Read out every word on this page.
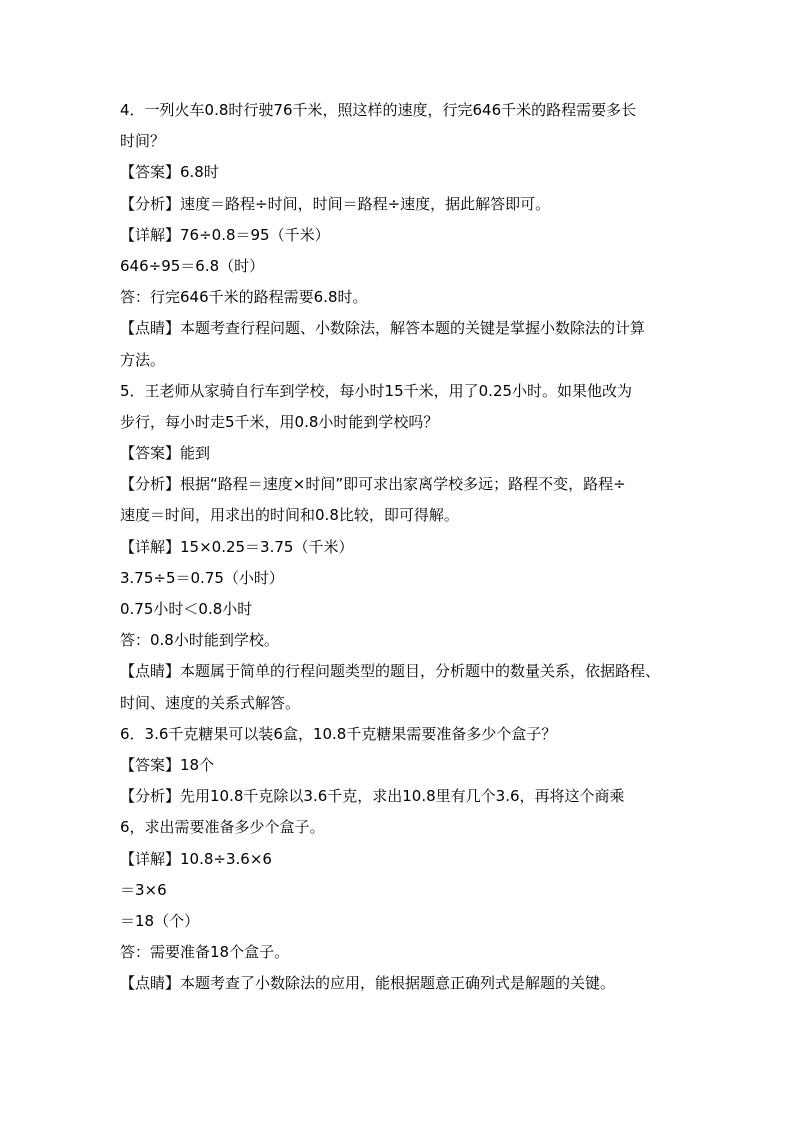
4．一列火车0.8时行驶76千米，照这样的速度，行完646千米的路程需要多长
时间？
【答案】6.8时
【分析】速度＝路程÷时间，时间＝路程÷速度，据此解答即可。
【详解】76÷0.8＝95（千米）
646÷95＝6.8（时）
答：行完646千米的路程需要6.8时。
【点睛】本题考查行程问题、小数除法，解答本题的关键是掌握小数除法的计算
方法。
5．王老师从家骑自行车到学校，每小时15千米，用了0.25小时。如果他改为
步行，每小时走5千米，用0.8小时能到学校吗？
【答案】能到
【分析】根据“路程＝速度×时间”即可求出家离学校多远；路程不变，路程÷
速度＝时间，用求出的时间和0.8比较，即可得解。
【详解】15×0.25＝3.75（千米）
3.75÷5＝0.75（小时）
0.75小时＜0.8小时
答：0.8小时能到学校。
【点睛】本题属于简单的行程问题类型的题目，分析题中的数量关系，依据路程、
时间、速度的关系式解答。
6．3.6千克糖果可以装6盒，10.8千克糖果需要准备多少个盒子？
【答案】18个
【分析】先用10.8千克除以3.6千克，求出10.8里有几个3.6，再将这个商乘
6，求出需要准备多少个盒子。
【详解】10.8÷3.6×6
＝3×6
＝18（个）
答：需要准备18个盒子。
【点睛】本题考查了小数除法的应用，能根据题意正确列式是解题的关键。
